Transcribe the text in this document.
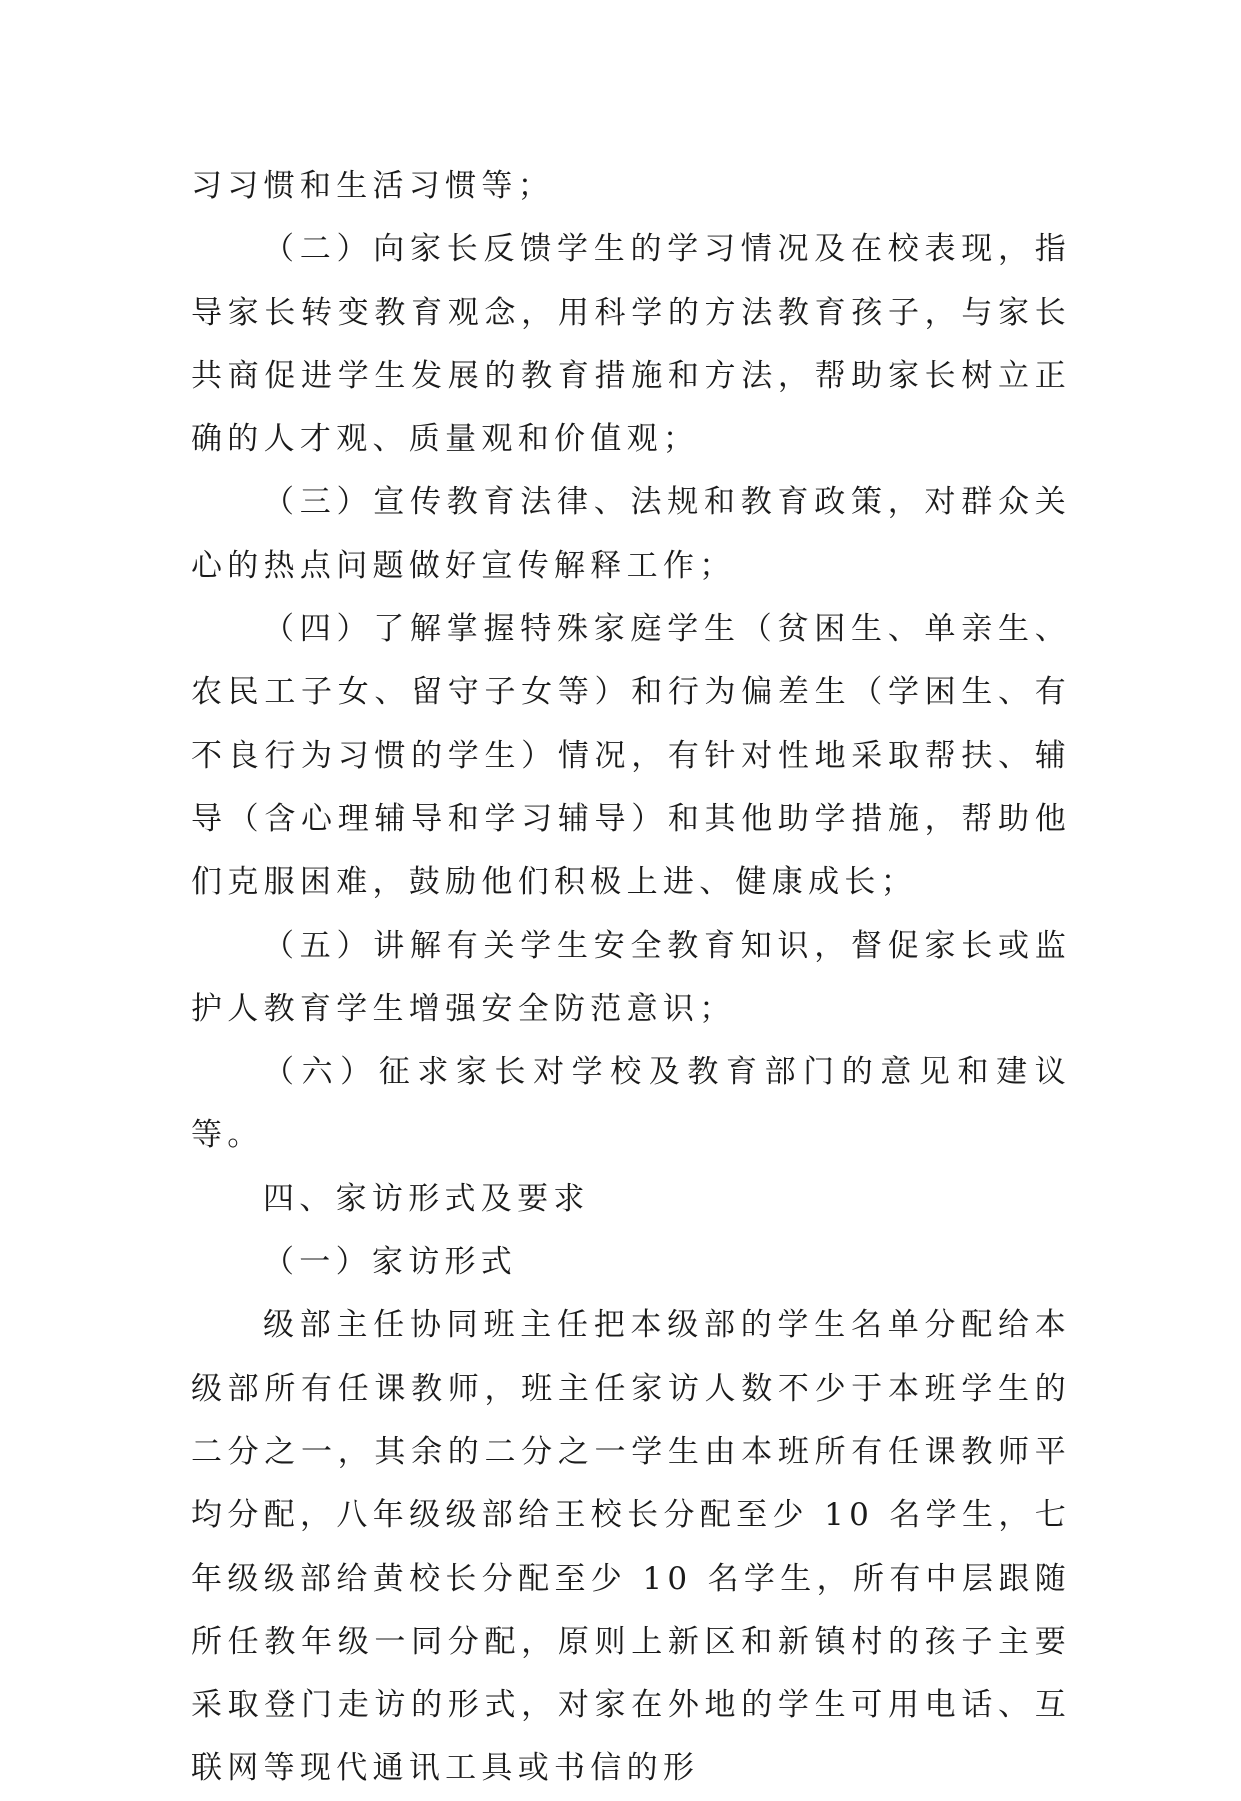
习习惯和生活习惯等；

（二）向家长反馈学生的学习情况及在校表现，指导家长转变教育观念，用科学的方法教育孩子，与家长共商促进学生发展的教育措施和方法，帮助家长树立正确的人才观、质量观和价值观；

（三）宣传教育法律、法规和教育政策，对群众关心的热点问题做好宣传解释工作；

（四）了解掌握特殊家庭学生（贫困生、单亲生、农民工子女、留守子女等）和行为偏差生（学困生、有不良行为习惯的学生）情况，有针对性地采取帮扶、辅导（含心理辅导和学习辅导）和其他助学措施，帮助他们克服困难，鼓励他们积极上进、健康成长；

（五）讲解有关学生安全教育知识，督促家长或监护人教育学生增强安全防范意识；

（六）征求家长对学校及教育部门的意见和建议等。

四、家访形式及要求

（一）家访形式

级部主任协同班主任把本级部的学生名单分配给本级部所有任课教师，班主任家访人数不少于本班学生的二分之一，其余的二分之一学生由本班所有任课教师平均分配，八年级级部给王校长分配至少 10 名学生，七年级级部给黄校长分配至少 10 名学生，所有中层跟随所任教年级一同分配，原则上新区和新镇村的孩子主要采取登门走访的形式，对家在外地的学生可用电话、互联网等现代通讯工具或书信的形
